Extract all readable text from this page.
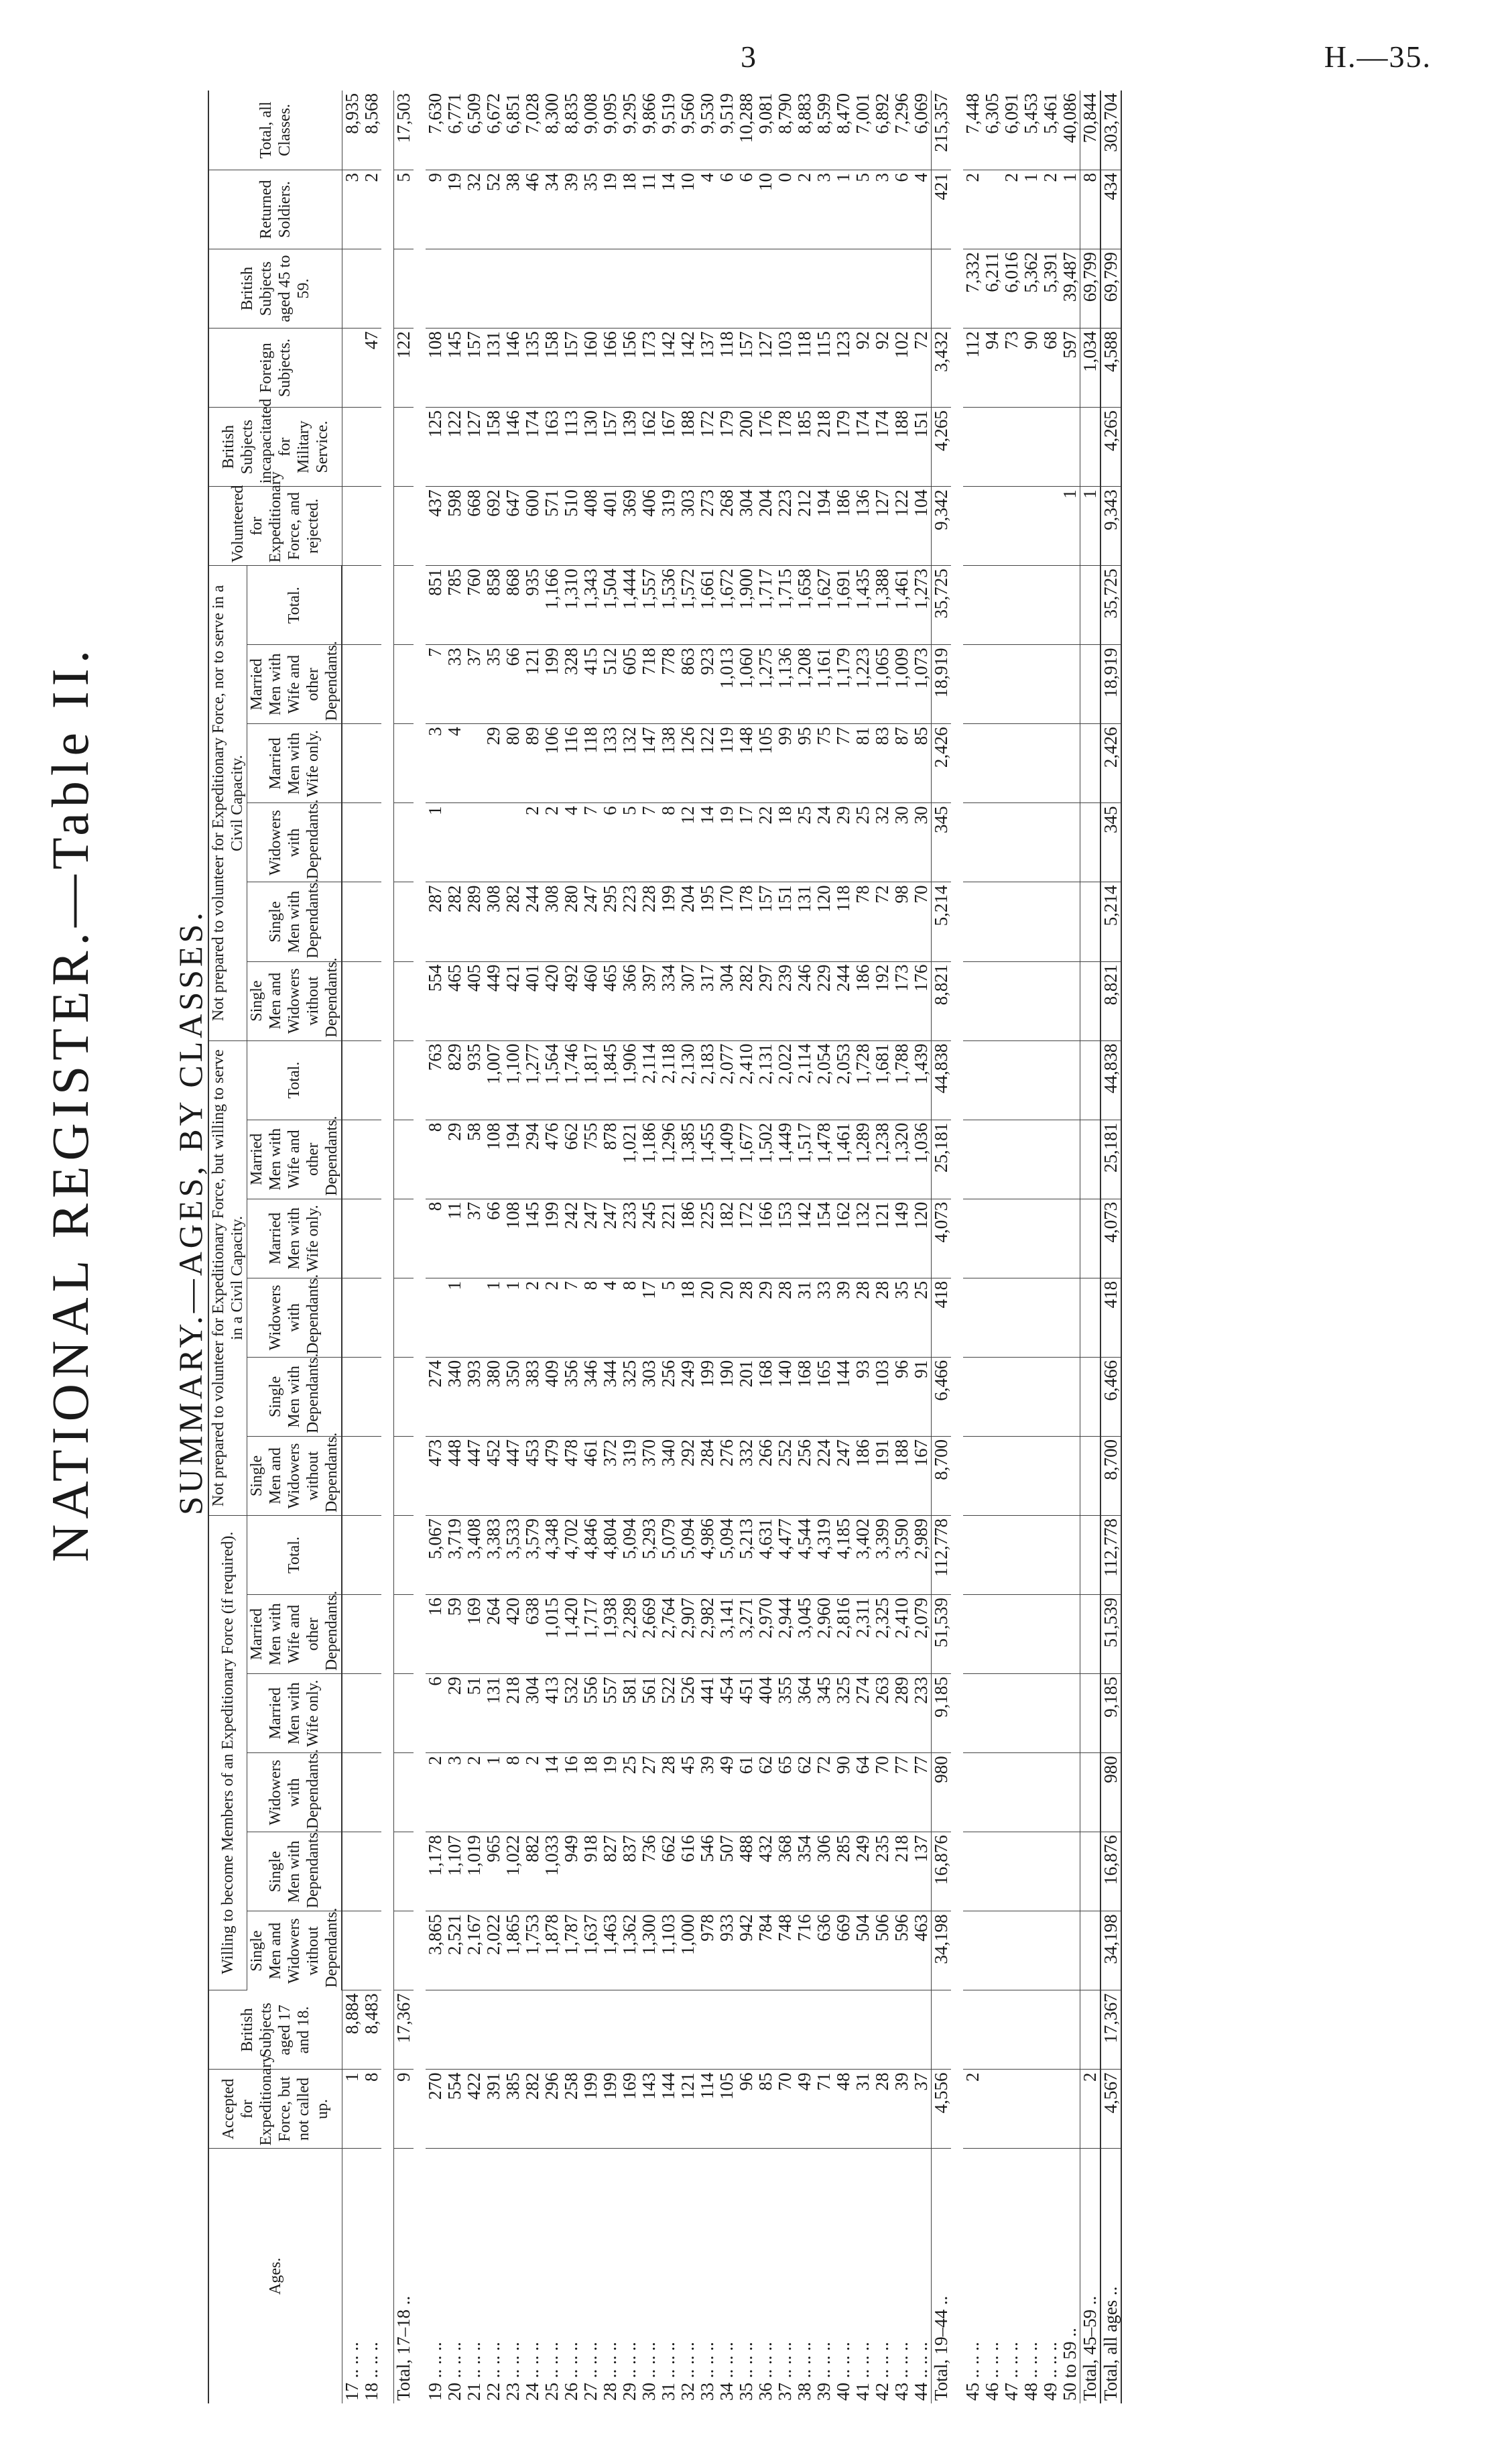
3	H.—35.
NATIONAL REGISTER.—Table II. SUMMARY.—AGES, BY CLASSES.
Ages.	Accepted for Expeditionary Force, but not called up.	British Subjects aged 17 and 18.	Willing to become Members of an Expeditionary Force (if required).						Not prepared to volunteer for Expeditionary Force, but willing to serve in a Civil Capacity.						Not prepared to volunteer for Expeditionary Force, nor to serve in a Civil Capacity.						Volunteered for Expeditionary Force, and rejected.	British Subjects incapacitated for Military Service.	Foreign Subjects.	British Subjects aged 45 to 59.	Returned Soldiers.	Total, all Classes.
			Single Men and Widowers without Dependants.	Single Men with Dependants.	Widowers with Dependants.	Married Men with Wife only.	Married Men with Wife and other Dependants.	Total.	Single Men and Widowers without Dependants.	Single Men with Dependants.	Widowers with Dependants.	Married Men with Wife only.	Married Men with Wife and other Dependants.	Total.	Single Men and Widowers without Dependants.	Single Men with Dependants.	Widowers with Dependants.	Married Men with Wife only.	Married Men with Wife and other Dependants.	Total.						
17 .. .. ..	1	8,884																							3	8,935
18 .. .. ..	8	8,483																					47		2	8,568

Total, 17–18 ..	9	17,367																					122		5	17,503

19 .. .. ..	270		3,865	1,178	2	6	16	5,067	473	274		8	8	763	554	287	1	3	7	851	437	125	108		9	7,630
20 .. .. ..	554		2,521	1,107	3	29	59	3,719	448	340	1	11	29	829	465	282		4	33	785	598	122	145		19	6,771
21 .. .. ..	422		2,167	1,019	2	51	169	3,408	447	393		37	58	935	405	289			37	760	668	127	157		32	6,509
22 .. .. ..	391		2,022	965	1	131	264	3,383	452	380	1	66	108	1,007	449	308		29	35	858	692	158	131		52	6,672
23 .. .. ..	385		1,865	1,022	8	218	420	3,533	447	350	1	108	194	1,100	421	282		80	66	868	647	146	146		38	6,851
24 .. .. ..	282		1,753	882	2	304	638	3,579	453	383	2	145	294	1,277	401	244	2	89	121	935	600	174	135		46	7,028
25 .. .. ..	296		1,878	1,033	14	413	1,015	4,348	479	409	2	199	476	1,564	420	308	2	106	199	1,166	571	163	158		34	8,300
26 .. .. ..	258		1,787	949	16	532	1,420	4,702	478	356	7	242	662	1,746	492	280	4	116	328	1,310	510	113	157		39	8,835
27 .. .. ..	199		1,637	918	18	556	1,717	4,846	461	346	8	247	755	1,817	460	247	7	118	415	1,343	408	130	160		35	9,008
28 .. .. ..	199		1,463	827	19	557	1,938	4,804	372	344	4	247	878	1,845	465	295	6	133	512	1,504	401	157	166		19	9,095
29 .. .. ..	169		1,362	837	25	581	2,289	5,094	319	325	8	233	1,021	1,906	366	223	5	132	605	1,444	369	139	156		18	9,295
30 .. .. ..	143		1,300	736	27	561	2,669	5,293	370	303	17	245	1,186	2,114	397	228	7	147	718	1,557	406	162	173		11	9,866
31 .. .. ..	144		1,103	662	28	522	2,764	5,079	340	256	5	221	1,296	2,118	334	199	8	138	778	1,536	319	167	142		14	9,519
32 .. .. ..	121		1,000	616	45	526	2,907	5,094	292	249	18	186	1,385	2,130	307	204	12	126	863	1,572	303	188	142		10	9,560
33 .. .. ..	114		978	546	39	441	2,982	4,986	284	199	20	225	1,455	2,183	317	195	14	122	923	1,661	273	172	137		4	9,530
34 .. .. ..	105		933	507	49	454	3,141	5,094	276	190	20	182	1,409	2,077	304	170	19	119	1,013	1,672	268	179	118		6	9,519
35 .. .. ..	96		942	488	61	451	3,271	5,213	332	201	28	172	1,677	2,410	282	178	17	148	1,060	1,900	304	200	157		6	10,288
36 .. .. ..	85		784	432	62	404	2,970	4,631	266	168	29	166	1,502	2,131	297	157	22	105	1,275	1,717	204	176	127		10	9,081
37 .. .. ..	70		748	368	65	355	2,944	4,477	252	140	28	153	1,449	2,022	239	151	18	99	1,136	1,715	223	178	103		0	8,790
38 .. .. ..	49		716	354	62	364	3,045	4,544	256	168	31	142	1,517	2,114	246	131	25	95	1,208	1,658	212	185	118		2	8,883
39 .. .. ..	71		636	306	72	345	2,960	4,319	224	165	33	154	1,478	2,054	229	120	24	75	1,161	1,627	194	218	115		3	8,599
40 .. .. ..	48		669	285	90	325	2,816	4,185	247	144	39	162	1,461	2,053	244	118	29	77	1,179	1,691	186	179	123		1	8,470
41 .. .. ..	31		504	249	64	274	2,311	3,402	186	93	28	132	1,289	1,728	186	78	25	81	1,223	1,435	136	174	92		5	7,001
42 .. .. ..	28		506	235	70	263	2,325	3,399	191	103	28	121	1,238	1,681	192	72	32	83	1,065	1,388	127	174	92		3	6,892
43 .. .. ..	39		596	218	77	289	2,410	3,590	188	96	35	149	1,320	1,788	173	98	30	87	1,009	1,461	122	188	102		6	7,296
44 .. .. ..	37		463	137	77	233	2,079	2,989	167	91	25	120	1,036	1,439	176	70	30	85	1,073	1,273	104	151	72		4	6,069
Total, 19–44 ..	4,556		34,198	16,876	980	9,185	51,539	112,778	8,700	6,466	418	4,073	25,181	44,838	8,821	5,214	345	2,426	18,919	35,725	9,342	4,265	3,432		421	215,357

45 .. .. ..	2																						112	7,332	2	7,448
46 .. .. ..																							94	6,211		6,305
47 .. .. ..																							73	6,016	2	6,091
48 .. .. ..																							90	5,362	1	5,453
49 .. .. ..																							68	5,391	2	5,461
50 to 59 ..																					1		597	39,487	1	40,086
Total, 45–59 ..	2																				1		1,034	69,799	8	70,844
Total, all ages ..	4,567	17,367	34,198	16,876	980	9,185	51,539	112,778	8,700	6,466	418	4,073	25,181	44,838	8,821	5,214	345	2,426	18,919	35,725	9,343	4,265	4,588	69,799	434	303,704
